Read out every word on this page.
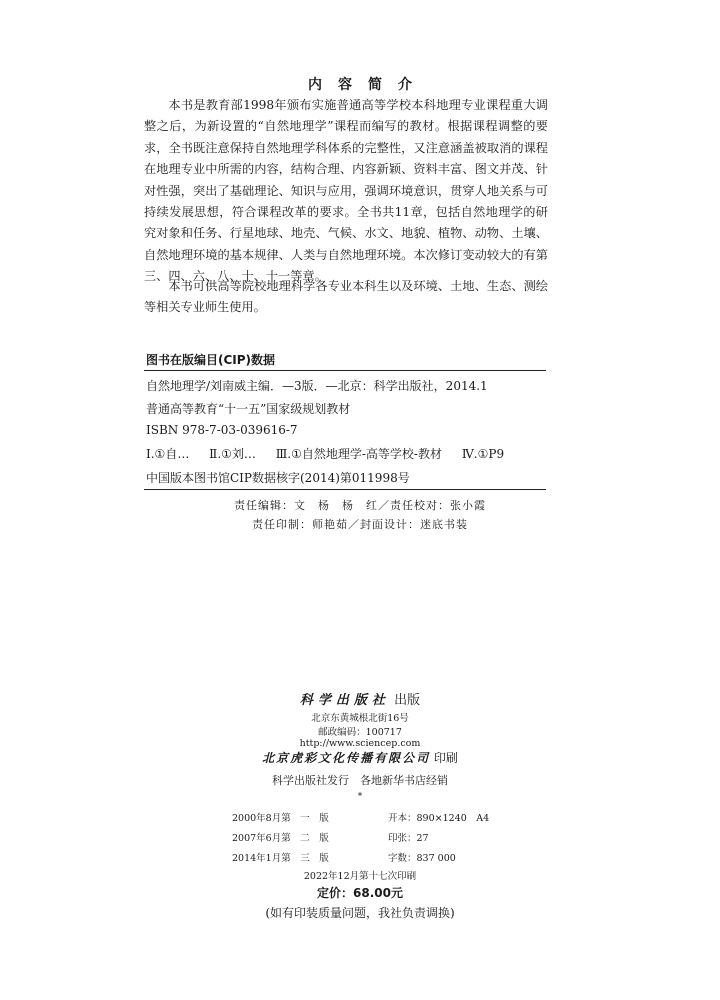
内容简介

本书是教育部1998年颁布实施普通高等学校本科地理专业课程重大调整之后，为新设置的“自然地理学”课程而编写的教材。根据课程调整的要求，全书既注意保持自然地理学科体系的完整性，又注意涵盖被取消的课程在地理专业中所需的内容，结构合理、内容新颖、资料丰富、图文并茂、针对性强，突出了基础理论、知识与应用，强调环境意识，贯穿人地关系与可持续发展思想，符合课程改革的要求。全书共11章，包括自然地理学的研究对象和任务、行星地球、地壳、气候、水文、地貌、植物、动物、土壤、自然地理环境的基本规律、人类与自然地理环境。本次修订变动较大的有第三、四、六、八、十、十一等章。

本书可供高等院校地理科学各专业本科生以及环境、土地、生态、测绘等相关专业师生使用。

图书在版编目(CIP)数据
自然地理学/刘南威主编．—3版．—北京：科学出版社，2014.1
普通高等教育“十一五”国家级规划教材
ISBN 978-7-03-039616-7
Ⅰ.①自… Ⅱ.①刘… Ⅲ.①自然地理学-高等学校-教材 Ⅳ.①P9
中国版本图书馆CIP数据核字(2014)第011998号
责任编辑：文　杨　杨　红／责任校对：张小霞
责任印制：师艳茹／封面设计：迷底书装
科学出版社 出版
北京东黄城根北街16号
邮政编码：100717
http://www.sciencep.com
北京虎彩文化传播有限公司 印刷
科学出版社发行　各地新华书店经销
*
2000年8月第　一　版	开本：890×1240　A4
2007年6月第　二　版	印张：27
2014年1月第　三　版	字数：837 000
2022年12月第十七次印刷
定价：68.00元
(如有印装质量问题，我社负责调换)
